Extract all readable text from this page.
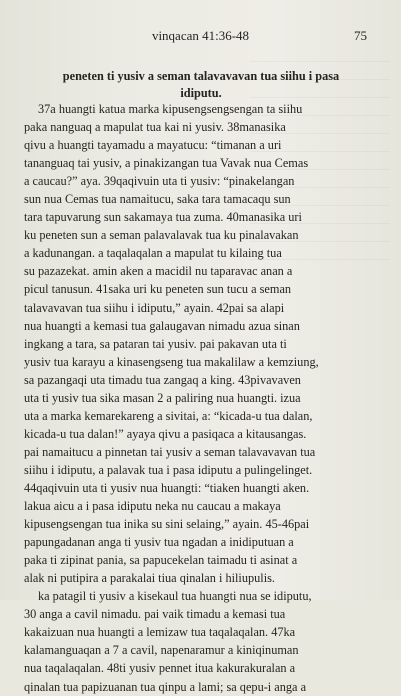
vinqacan 41:36-48	75
peneten ti yusiv a seman talavavavan tua siihu i pasa
idiputu.
37a huangti katua marka kipusengsengsengan ta siihu
paka nanguaq a mapulat tua kai ni yusiv. 38manasika
qivu a huangti tayamadu a mayatucu: “timanan a uri
tananguaq tai yusiv, a pinakizangan tua Vavak nua Cemas
a caucau?” aya. 39qaqivuin uta ti yusiv: “pinakelangan
sun nua Cemas tua namaitucu, saka tara tamacaqu sun
tara tapuvarung sun sakamaya tua zuma. 40manasika uri
ku peneten sun a seman palavalavak tua ku pinalavakan
a kadunangan. a taqalaqalan a mapulat tu kilaing tua
su pazazekat. amin aken a macidil nu taparavac anan a
picul tanusun. 41saka uri ku peneten sun tucu a seman
talavavavan tua siihu i idiputu,” ayain. 42pai sa alapi
nua huangti a kemasi tua galaugavan nimadu azua sinan
ingkang a tara, sa pataran tai yusiv. pai pakavan uta ti
yusiv tua karayu a kinasengseng tua makalilaw a kemziung,
sa pazangaqi uta timadu tua zangaq a king. 43pivavaven
uta ti yusiv tua sika masan 2 a paliring nua huangti. izua
uta a marka kemarekareng a sivitai, a: “kicada-u tua dalan,
kicada-u tua dalan!” ayaya qivu a pasiqaca a kitausangas.
pai namaitucu a pinnetan tai yusiv a seman talavavavan tua
siihu i idiputu, a palavak tua i pasa idiputu a pulingelinget.
44qaqivuin uta ti yusiv nua huangti: “tiaken huangti aken.
lakua aicu a i pasa idiputu neka nu caucau a makaya
kipusengsengan tua inika su sini selaing,” ayain. 45-46pai
papungadanan anga ti yusiv tua ngadan a inidiputuan a
paka ti zipinat pania, sa papucekelan taimadu ti asinat a
alak ni putipira a parakalai tiua qinalan i hiliupulis.
ka patagil ti yusiv a kisekaul tua huangti nua se idiputu,
30 anga a cavil nimadu. pai vaik timadu a kemasi tua
kakaizuan nua huangti a lemizaw tua taqalaqalan. 47ka
kalamanguaqan a 7 a cavil, napenaramur a kiniqinuman
nua taqalaqalan. 48ti yusiv pennet itua kakurakuralan a
qinalan tua papizuanan tua qinpu a lami; sa qepu-i anga a
